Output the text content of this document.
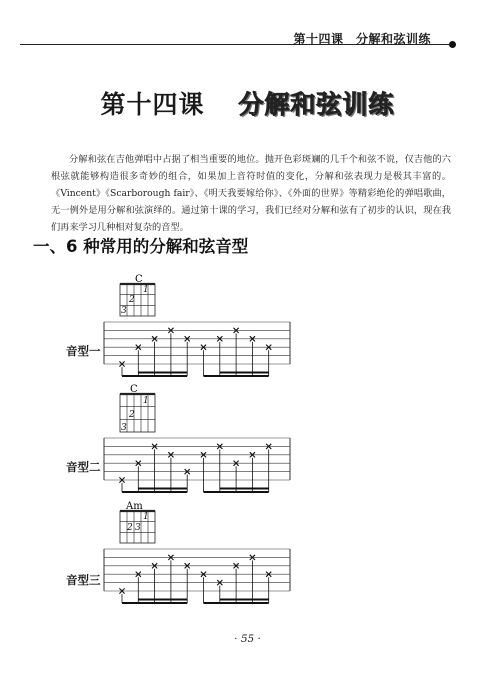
第十四课　分解和弦训练
第十四课 分解和弦训练
分解和弦在吉他弹唱中占据了相当重要的地位。抛开色彩斑斓的几千个和弦不说，仅吉他的六根弦就能够构造很多奇妙的组合，如果加上音符时值的变化，分解和弦表现力是极其丰富的。《Vincent》《Scarborough fair》、《明天我要嫁给你》、《外面的世界》等精彩绝伦的弹唱歌曲，无一例外是用分解和弦演绎的。通过第十课的学习，我们已经对分解和弦有了初步的认识，现在我们再来学习几种相对复杂的音型。
一、6 种常用的分解和弦音型
音型一
C
1
2
3
音型二
C
1
2
3
音型三
Am
1
2 3
· 55 ·
